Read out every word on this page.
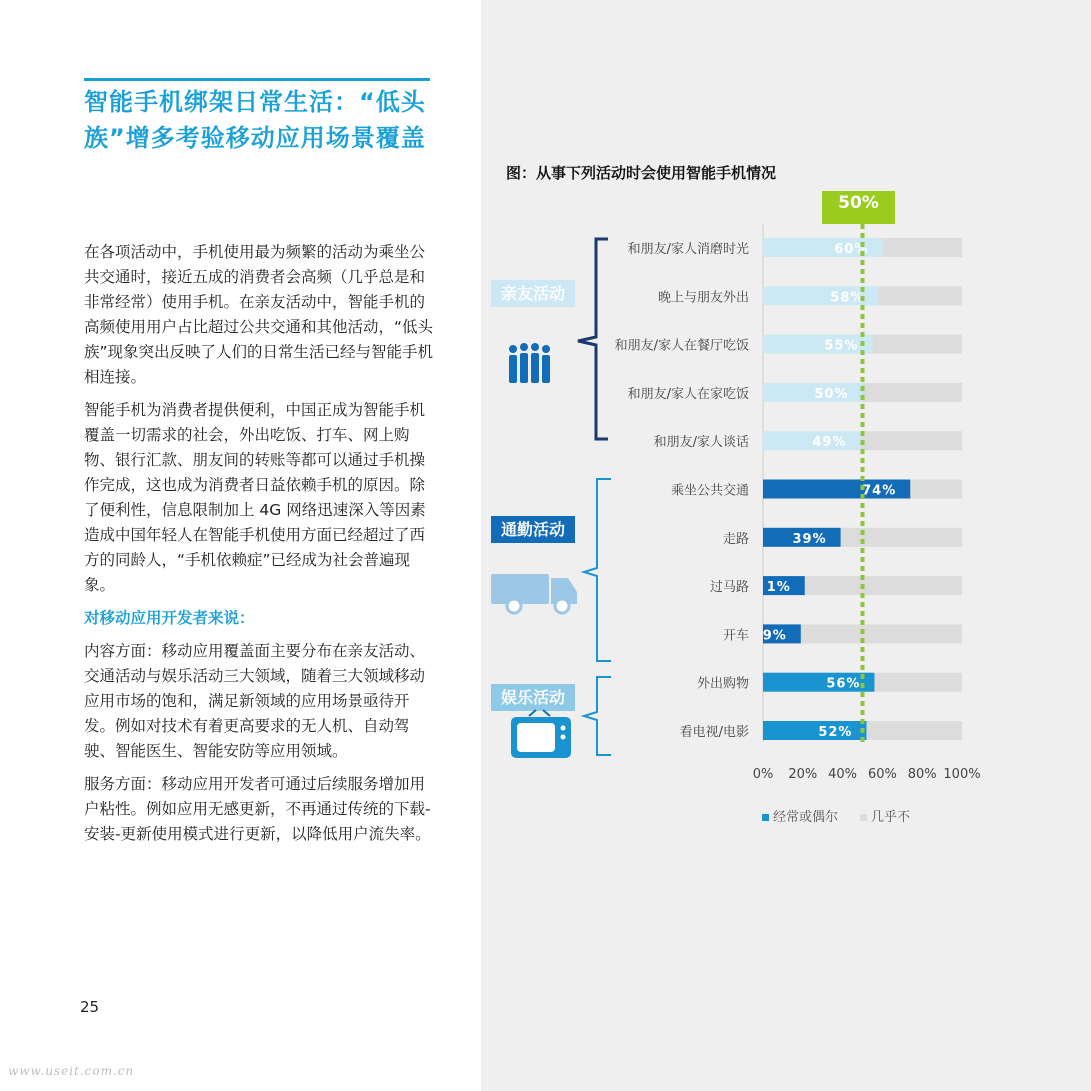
智能手机绑架日常生活：“低头族”增多考验移动应用场景覆盖

在各项活动中，手机使用最为频繁的活动为乘坐公共交通时，接近五成的消费者会高频（几乎总是和非常经常）使用手机。在亲友活动中，智能手机的高频使用用户占比超过公共交通和其他活动，“低头族”现象突出反映了人们的日常生活已经与智能手机相连接。

智能手机为消费者提供便利，中国正成为智能手机覆盖一切需求的社会，外出吃饭、打车、网上购物、银行汇款、朋友间的转账等都可以通过手机操作完成，这也成为消费者日益依赖手机的原因。除了便利性，信息限制加上 4G 网络迅速深入等因素造成中国年轻人在智能手机使用方面已经超过了西方的同龄人，“手机依赖症”已经成为社会普遍现象。

对移动应用开发者来说：

内容方面：移动应用覆盖面主要分布在亲友活动、交通活动与娱乐活动三大领域，随着三大领域移动应用市场的饱和，满足新领域的应用场景亟待开发。例如对技术有着更高要求的无人机、自动驾驶、智能医生、智能安防等应用领域。

服务方面：移动应用开发者可通过后续服务增加用户粘性。例如应用无感更新，不再通过传统的下载-安装-更新使用模式进行更新，以降低用户流失率。

25
www.useit.com.cn
图：从事下列活动时会使用智能手机情况
50%
亲友活动
通勤活动
娱乐活动
60%
和朋友/家人消磨时光
58%
晚上与朋友外出
55%
和朋友/家人在餐厅吃饭
50%
和朋友/家人在家吃饭
49%
和朋友/家人谈话
74%
乘坐公共交通
39%
走路
1%
过马路
9%
开车
56%
外出购物
52%
看电视/电影
0% 20% 40% 60% 80% 100%
经常或偶尔	几乎不
